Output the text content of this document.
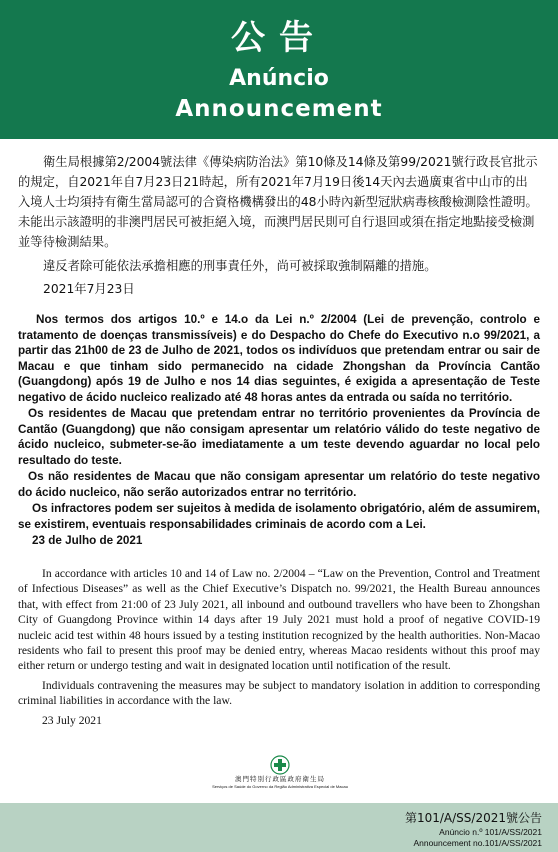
公告
Anúncio
Announcement

衛生局根據第2/2004號法律《傳染病防治法》第10條及14條及第99/2021號行政長官批示的規定，自2021年自7月23日21時起，所有2021年7月19日後14天內去過廣東省中山市的出入境人士均須持有衛生當局認可的合資格機構發出的48小時內新型冠狀病毒核酸檢測陰性證明。未能出示該證明的非澳門居民可被拒絕入境，而澳門居民則可自行退回或須在指定地點接受檢測並等待檢測結果。

違反者除可能依法承擔相應的刑事責任外，尚可被採取強制隔離的措施。

2021年7月23日

Nos termos dos artigos 10.º e 14.o da Lei n.º 2/2004 (Lei de prevenção, controlo e tratamento de doenças transmissíveis) e do Despacho do Chefe do Executivo n.o 99/2021, a partir das 21h00 de 23 de Julho de 2021, todos os indivíduos que pretendam entrar ou sair de Macau e que tinham sido permanecido na cidade Zhongshan da Província Cantão (Guangdong) após 19 de Julho e nos 14 dias seguintes, é exigida a apresentação de Teste negativo de ácido nucleico realizado até 48 horas antes da entrada ou saída no território.

Os residentes de Macau que pretendam entrar no território provenientes da Província de Cantão (Guangdong) que não consigam apresentar um relatório válido do teste negativo de ácido nucleico, submeter-se-ão imediatamente a um teste devendo aguardar no local pelo resultado do teste.

Os não residentes de Macau que não consigam apresentar um relatório do teste negativo do ácido nucleico, não serão autorizados entrar no território.

Os infractores podem ser sujeitos à medida de isolamento obrigatório, além de assumirem, se existirem, eventuais responsabilidades criminais de acordo com a Lei.

23 de Julho de 2021

In accordance with articles 10 and 14 of Law no. 2/2004 – “Law on the Prevention, Control and Treatment of Infectious Diseases” as well as the Chief Executive’s Dispatch no. 99/2021, the Health Bureau announces that, with effect from 21:00 of 23 July 2021, all inbound and outbound travellers who have been to Zhongshan City of Guangdong Province within 14 days after 19 July 2021 must hold a proof of negative COVID-19 nucleic acid test within 48 hours issued by a testing institution recognized by the health authorities. Non-Macao residents who fail to present this proof may be denied entry, whereas Macao residents without this proof may either return or undergo testing and wait in designated location until notification of the result.

Individuals contravening the measures may be subject to mandatory isolation in addition to corresponding criminal liabilities in accordance with the law.

23 July 2021

澳門特別行政區政府衛生局
Serviços de Saúde do Governo da Região Administrativa Especial de Macau
第101/A/SS/2021號公告
Anúncio n.º 101/A/SS/2021
Announcement no.101/A/SS/2021
